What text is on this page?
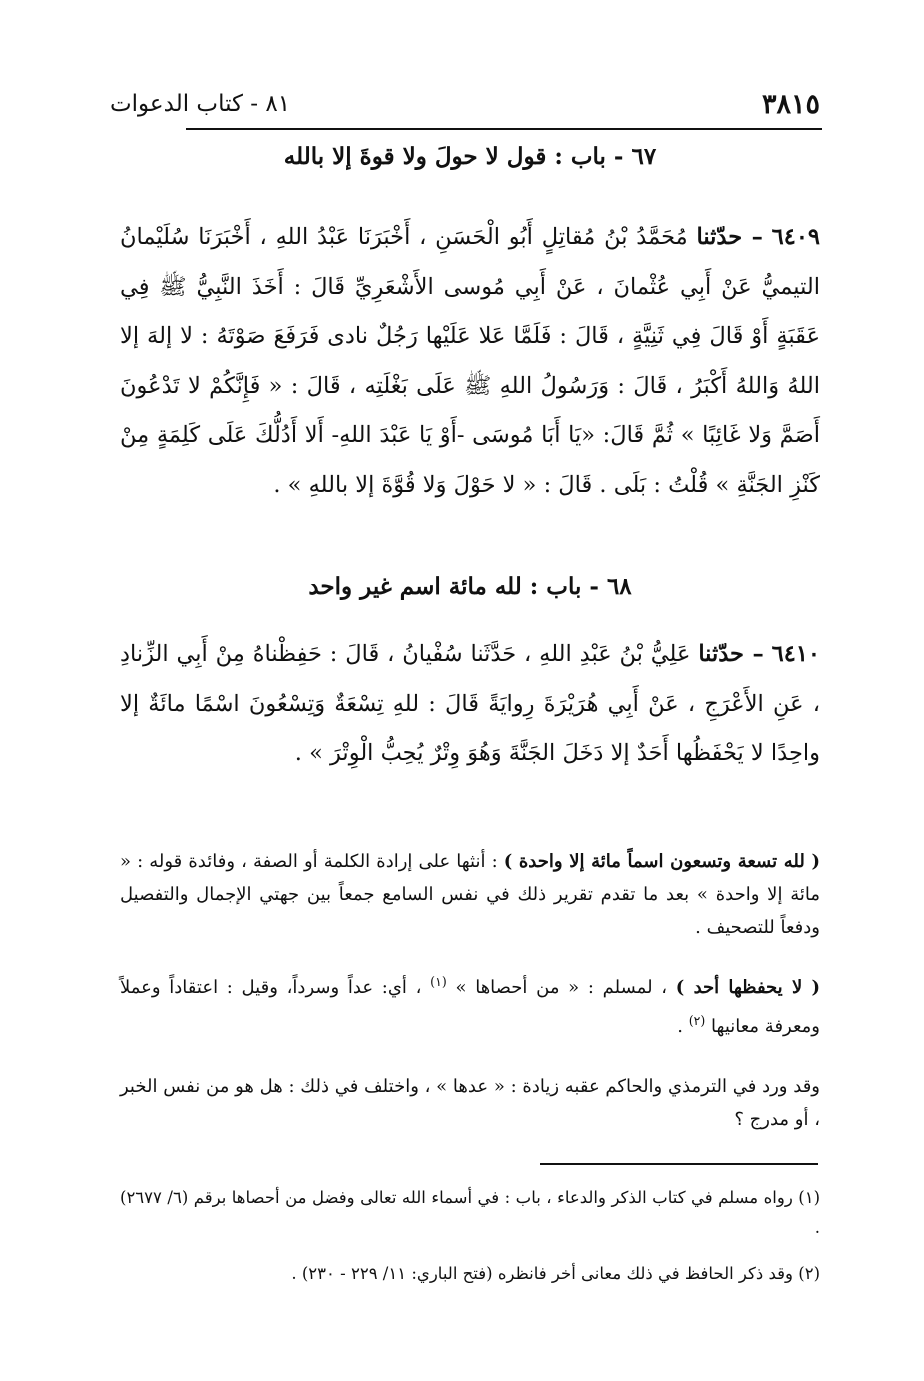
٨١ - كتاب الدعوات	٣٨١٥
٦٧ - باب : قول لا حولَ ولا قوةَ إلا بالله
٦٤٠٩ – حدّثنا مُحَمَّدُ بْنُ مُقاتِلٍ أَبُو الْحَسَنِ ، أَخْبَرَنَا عَبْدُ اللهِ ، أَخْبَرَنَا سُلَيْمانُ التيميُّ عَنْ أَبِي عُثْمانَ ، عَنْ أَبِي مُوسى الأَشْعَرِيِّ قَالَ : أَخَذَ النَّبِيُّ ﷺ فِي عَقَبَةٍ أَوْ قَالَ فِي ثَنِيَّةٍ ، قَالَ : فَلَمَّا عَلا عَلَيْها رَجُلٌ نادى فَرَفَعَ صَوْتَهُ : لا إلهَ إلا اللهُ وَاللهُ أَكْبَرُ ، قَالَ : وَرَسُولُ اللهِ ﷺ عَلَى بَغْلَتِه ، قَالَ : « فَإِنَّكُمْ لا تَدْعُونَ أَصَمَّ وَلا غَائِبًا » ثُمَّ قَالَ: «يَا أَبَا مُوسَى -أَوْ يَا عَبْدَ اللهِ- أَلا أَدُلُّكَ عَلَى كَلِمَةٍ مِنْ كَنْزِ الجَنَّةِ » قُلْتُ : بَلَى . قَالَ : « لا حَوْلَ وَلا قُوَّةَ إلا باللهِ » .
٦٨ - باب : لله مائة اسم غير واحد
٦٤١٠ – حدّثنا عَلِيُّ بْنُ عَبْدِ اللهِ ، حَدَّثَنا سُفْيانُ ، قَالَ : حَفِظْناهُ مِنْ أَبِي الزِّنادِ ، عَنِ الأَعْرَجِ ، عَنْ أَبِي هُرَيْرَةَ رِوايَةً قَالَ : للهِ تِسْعَةٌ وَتِسْعُونَ اسْمًا مائَةٌ إلا واحِدًا لا يَحْفَظُها أَحَدٌ إلا دَخَلَ الجَنَّةَ وَهُوَ وِتْرٌ يُحِبُّ الْوِتْرَ » .
( لله تسعة وتسعون اسماً مائة إلا واحدة ) : أنثها على إرادة الكلمة أو الصفة ، وفائدة قوله : « مائة إلا واحدة » بعد ما تقدم تقرير ذلك في نفس السامع جمعاً بين جهتي الإجمال والتفصيل ودفعاً للتصحيف .
( لا يحفظها أحد ) ، لمسلم : « من أحصاها » $^{(١)}$ ، أي: عداً وسرداً، وقيل : اعتقاداً وعملاً ومعرفة معانيها $^{(٢)}$ .
وقد ورد في الترمذي والحاكم عقبه زيادة : « عدها » ، واختلف في ذلك : هل هو من نفس الخبر ، أو مدرج ؟
(١) رواه مسلم في كتاب الذكر والدعاء ، باب : في أسماء الله تعالى وفضل من أحصاها برقم (٦/ ٢٦٧٧) .
(٢) وقد ذكر الحافظ في ذلك معانى أخر فانظره (فتح الباري: ١١/ ٢٢٩ - ٢٣٠) .
